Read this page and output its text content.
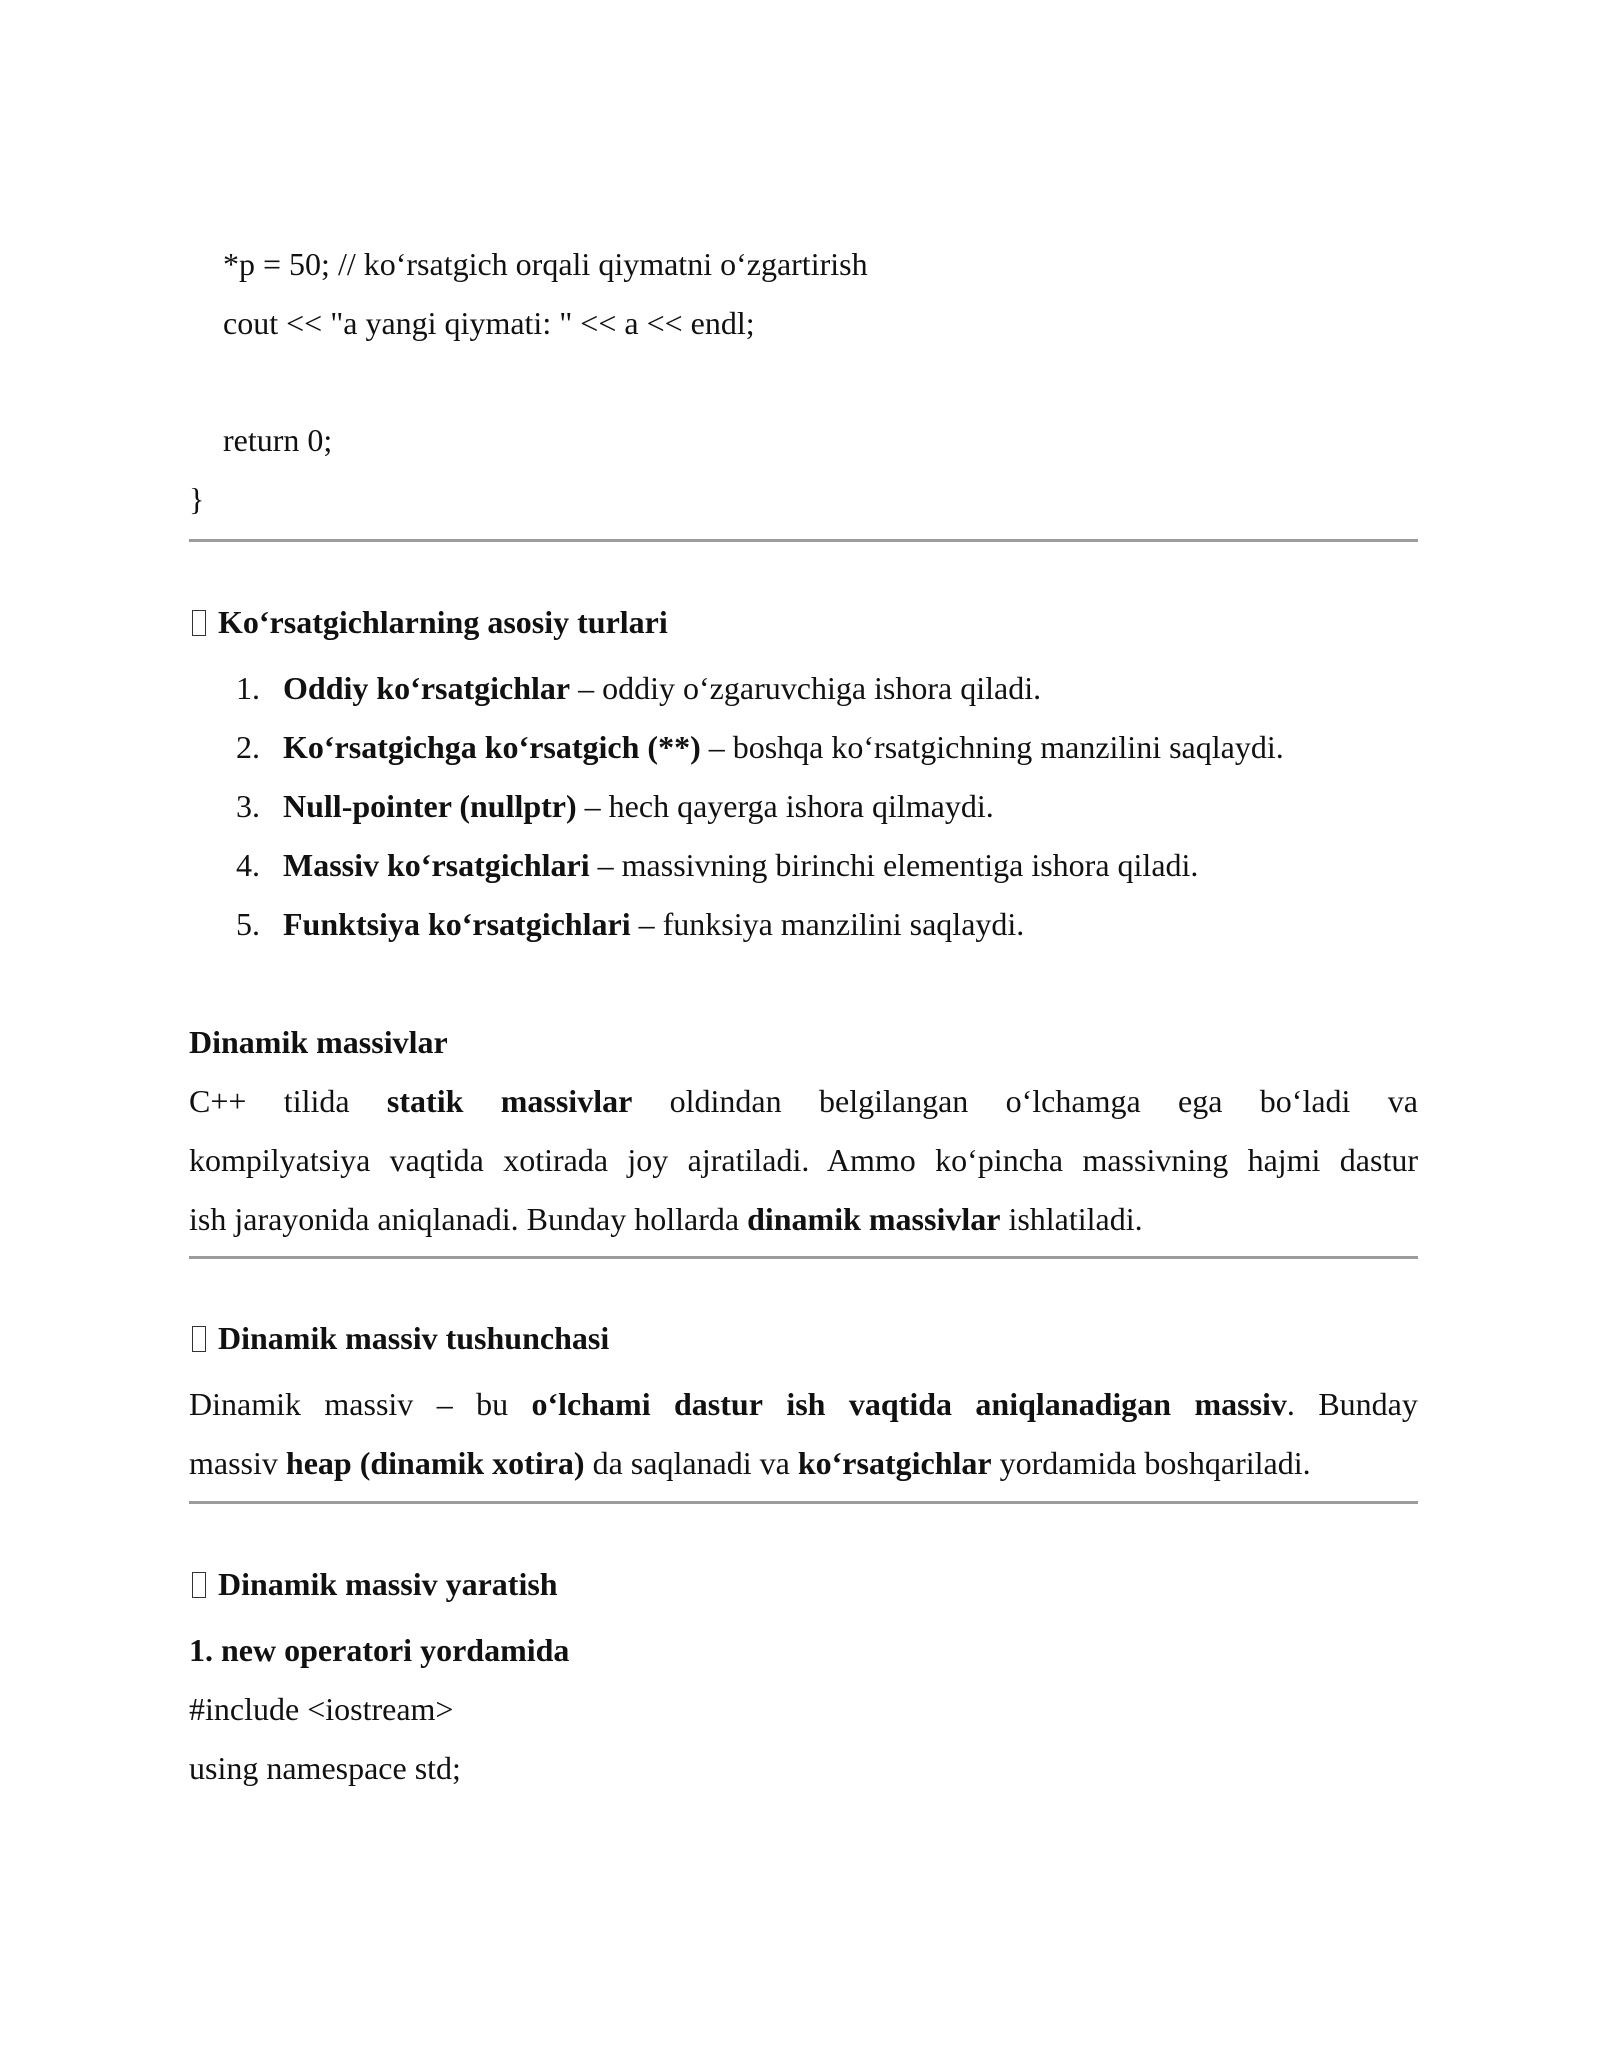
*p = 50; // ko‘rsatgich orqali qiymatni o‘zgartirish
cout << "a yangi qiymati: " << a << endl;
return 0;
}
Ko‘rsatgichlarning asosiy turlari
1. Oddiy ko‘rsatgichlar – oddiy o‘zgaruvchiga ishora qiladi.
2. Ko‘rsatgichga ko‘rsatgich (**) – boshqa ko‘rsatgichning manzilini saqlaydi.
3. Null-pointer (nullptr) – hech qayerga ishora qilmaydi.
4. Massiv ko‘rsatgichlari – massivning birinchi elementiga ishora qiladi.
5. Funktsiya ko‘rsatgichlari – funksiya manzilini saqlaydi.
Dinamik massivlar
C++ tilida statik massivlar oldindan belgilangan o‘lchamga ega bo‘ladi va
kompilyatsiya vaqtida xotirada joy ajratiladi. Ammo ko‘pincha massivning hajmi dastur
ish jarayonida aniqlanadi. Bunday hollarda dinamik massivlar ishlatiladi.
Dinamik massiv tushunchasi
Dinamik massiv – bu o‘lchami dastur ish vaqtida aniqlanadigan massiv. Bunday
massiv heap (dinamik xotira) da saqlanadi va ko‘rsatgichlar yordamida boshqariladi.
Dinamik massiv yaratish
1. new operatori yordamida
#include <iostream>
using namespace std;
